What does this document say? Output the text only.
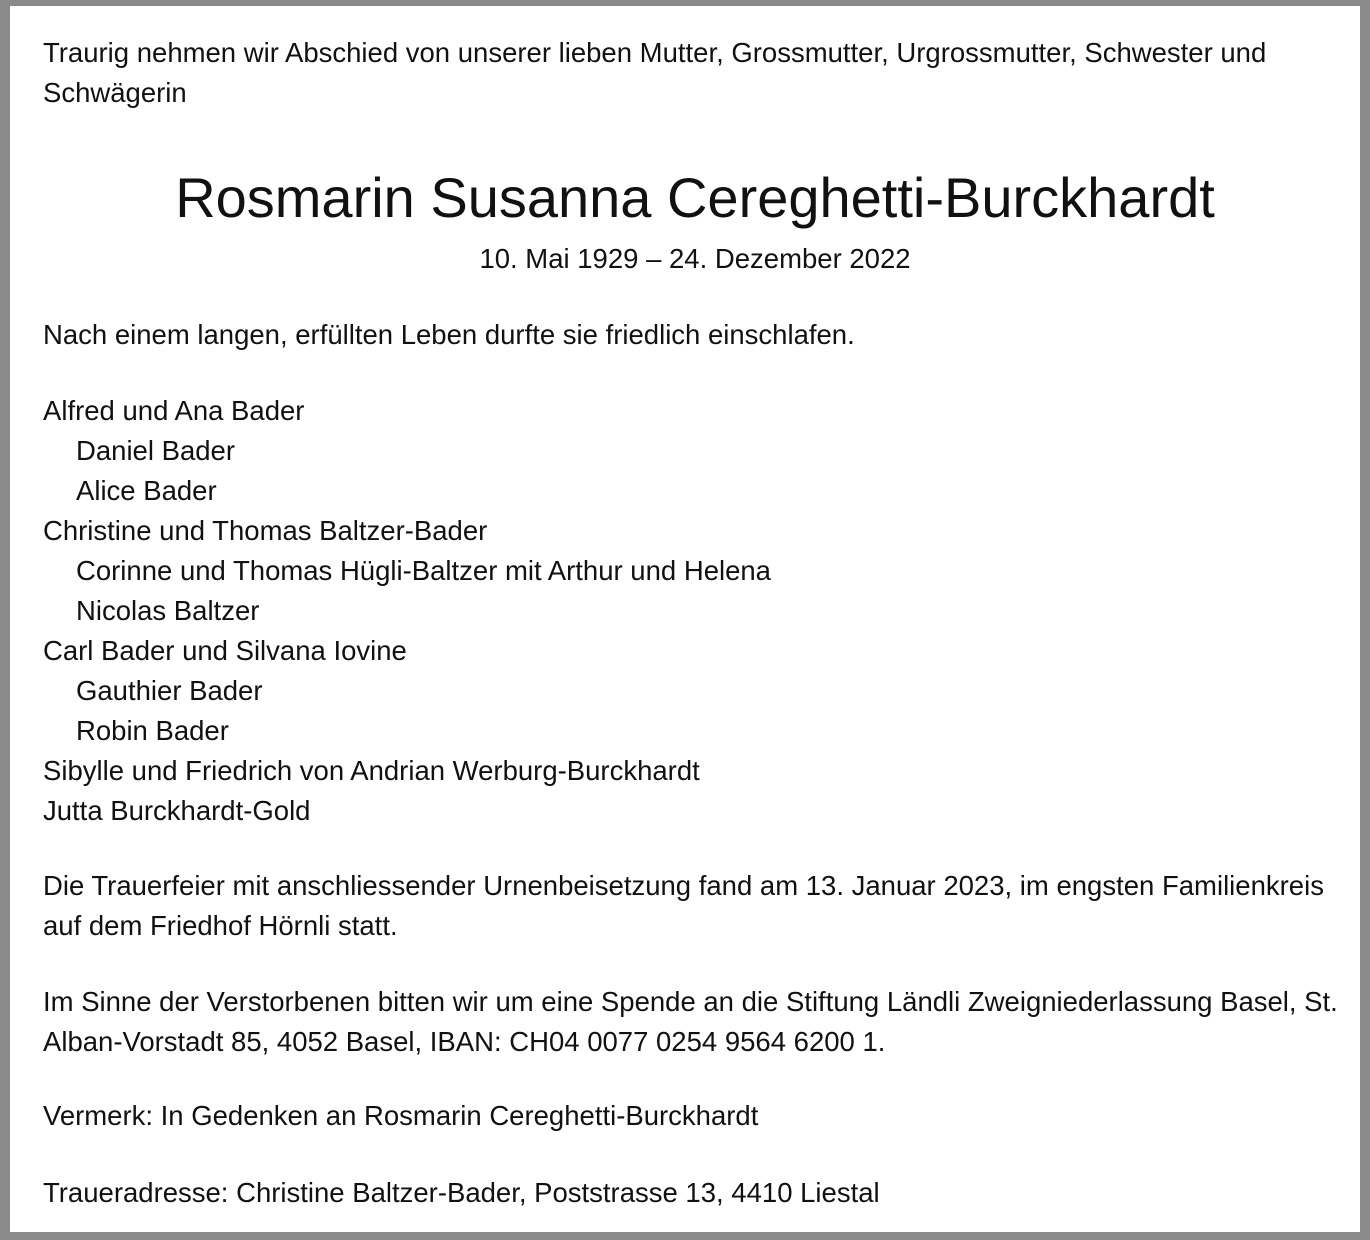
Traurig nehmen wir Abschied von unserer lieben Mutter, Grossmutter, Urgrossmutter, Schwester und Schwägerin
Rosmarin Susanna Cereghetti-Burckhardt
10. Mai 1929 – 24. Dezember 2022
Nach einem langen, erfüllten Leben durfte sie friedlich einschlafen.
Alfred und Ana Bader
Daniel Bader
Alice Bader
Christine und Thomas Baltzer-Bader
Corinne und Thomas Hügli-Baltzer mit Arthur und Helena
Nicolas Baltzer
Carl Bader und Silvana Iovine
Gauthier Bader
Robin Bader
Sibylle und Friedrich von Andrian Werburg-Burckhardt
Jutta Burckhardt-Gold
Die Trauerfeier mit anschliessender Urnenbeisetzung fand am 13. Januar 2023, im engsten Familienkreis auf dem Friedhof Hörnli statt.
Im Sinne der Verstorbenen bitten wir um eine Spende an die Stiftung Ländli Zweigniederlassung Basel, St. Alban-Vorstadt 85, 4052 Basel, IBAN: CH04 0077 0254 9564 6200 1.
Vermerk: In Gedenken an Rosmarin Cereghetti-Burckhardt
Traueradresse: Christine Baltzer-Bader, Poststrasse 13, 4410 Liestal
